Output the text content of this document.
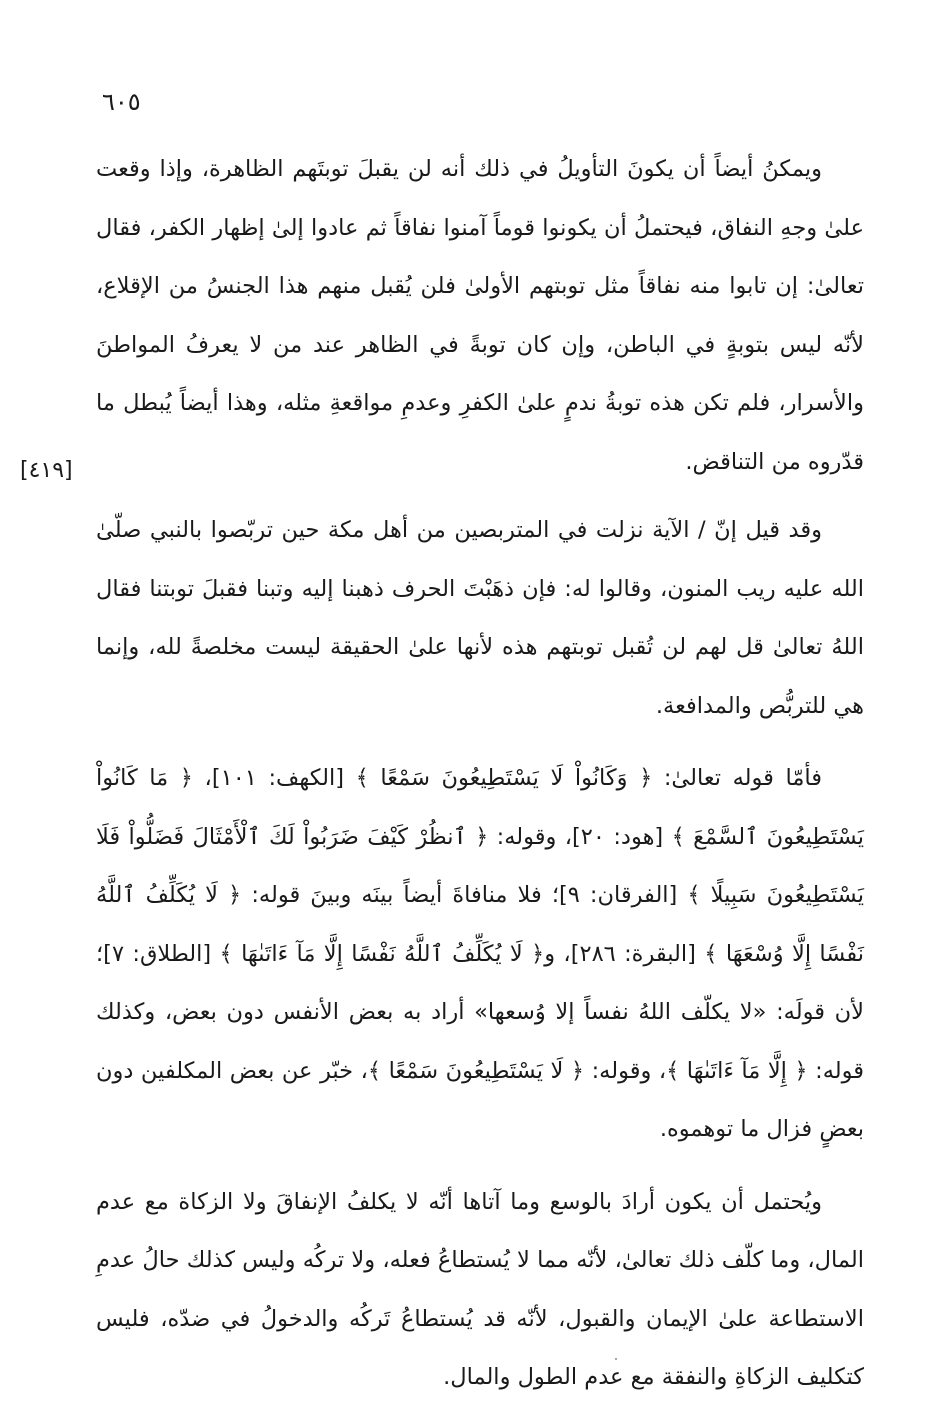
٦٠٥
[٤١٩]

ويمكنُ أيضاً أن يكونَ التأويلُ في ذلك أنه لن يقبلَ توبتَهم الظاهرة، وإذا وقعت علىٰ وجهِ النفاق، فيحتملُ أن يكونوا قوماً آمنوا نفاقاً ثم عادوا إلىٰ إظهار الكفر، فقال تعالىٰ: إن تابوا منه نفاقاً مثل توبتهم الأولىٰ فلن يُقبل منهم هذا الجنسُ من الإقلاع، لأنّه ليس بتوبةٍ في الباطن، وإن كان توبةً في الظاهر عند من لا يعرفُ المواطنَ والأسرار، فلم تكن هذه توبةُ ندمٍ علىٰ الكفرِ وعدمِ مواقعةِ مثله، وهذا أيضاً يُبطل ما قدّروه من التناقض.

وقد قيل إنّ / الآية نزلت في المتربصين من أهل مكة حين تربّصوا بالنبي صلّىٰ الله عليه ريب المنون، وقالوا له: فإن ذهَبْتَ الحرف ذهبنا إليه وتبنا فقبلَ توبتنا فقال اللهُ تعالىٰ قل لهم لن تُقبل توبتهم هذه لأنها علىٰ الحقيقة ليست مخلصةً لله، وإنما هي للتربُّص والمدافعة.

فأمّا قوله تعالىٰ: ﴿ وَكَانُواْ لَا يَسْتَطِيعُونَ سَمْعًا ﴾ [الكهف: ١٠١]، ﴿ مَا كَانُواْ يَسْتَطِيعُونَ ٱلسَّمْعَ ﴾ [هود: ٢٠]، وقوله: ﴿ ٱنظُرْ كَيْفَ ضَرَبُواْ لَكَ ٱلْأَمْثَالَ فَضَلُّواْ فَلَا يَسْتَطِيعُونَ سَبِيلًا ﴾ [الفرقان: ٩]؛ فلا منافاةَ أيضاً بينَه وبينَ قوله: ﴿ لَا يُكَلِّفُ ٱللَّهُ نَفْسًا إِلَّا وُسْعَهَا ﴾ [البقرة: ٢٨٦]، و﴿ لَا يُكَلِّفُ ٱللَّهُ نَفْسًا إِلَّا مَآ ءَاتَىٰهَا ﴾ [الطلاق: ٧]؛ لأن قولَه: «لا يكلّف اللهُ نفساً إلا وُسعها» أراد به بعض الأنفس دون بعض، وكذلك قوله: ﴿ إِلَّا مَآ ءَاتَىٰهَا ﴾، وقوله: ﴿ لَا يَسْتَطِيعُونَ سَمْعًا ﴾، خبّر عن بعض المكلفين دون بعضٍ فزال ما توهموه.

ويُحتمل أن يكون أرادَ بالوسع وما آتاها أنّه لا يكلفُ الإنفاقَ ولا الزكاة مع عدم المال، وما كلّف ذلك تعالىٰ، لأنّه مما لا يُستطاعُ فعله، ولا تركُه وليس كذلك حالُ عدمِ الاستطاعة علىٰ الإيمان والقبول، لأنّه قد يُستطاعُ تَركُه والدخولُ في ضدّه، فليس كتكليف الزكاةِ والنفقة مع عدم الطول والمال.
